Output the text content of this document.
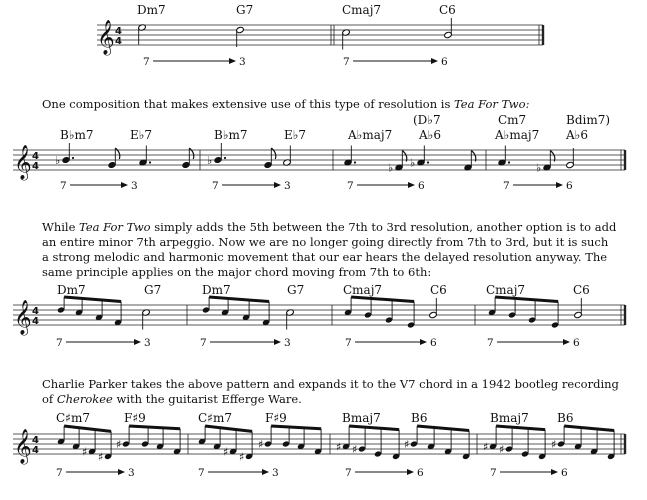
One composition that makes extensive use of this type of resolution is Tea For Two:

While Tea For Two simply adds the 5th between the 7th to 3rd resolution, another option is to add an entire minor 7th arpeggio. Now we are no longer going directly from 7th to 3rd, but it is such a strong melodic and harmonic movement that our ear hears the delayed resolution anyway. The same principle applies on the major chord moving from 7th to 6th:

Charlie Parker takes the above pattern and expands it to the V7 chord in a 1942 bootleg recording of Cherokee with the guitarist Efferge Ware.

𝄞 4
4
Dm7	G7	Cmaj7	C6
7	3	7	6
𝄞 4
4
B♭m7	E♭7	B♭m7	E♭7	A♭maj7
(D♭7
A♭6
Cm7
A♭maj7
Bdim7)
A♭6
♭	♭
♭ ♭	♭
7	3	7	3	7	6	7	6
𝄞 4
4
Dm7	G7	Dm7	G7	Cmaj7	C6	Cmaj7	C6
7	3	7	3	7	6	7	6
𝄞 4
4
C♯m7	F♯9	C♯m7	F♯9	Bmaj7	B6	Bmaj7 B6
♯ ♯
♯
♯ ♯
♯	♯ ♯	♯	♯ ♯	♯
7	3	7	3	7	6	7	6
